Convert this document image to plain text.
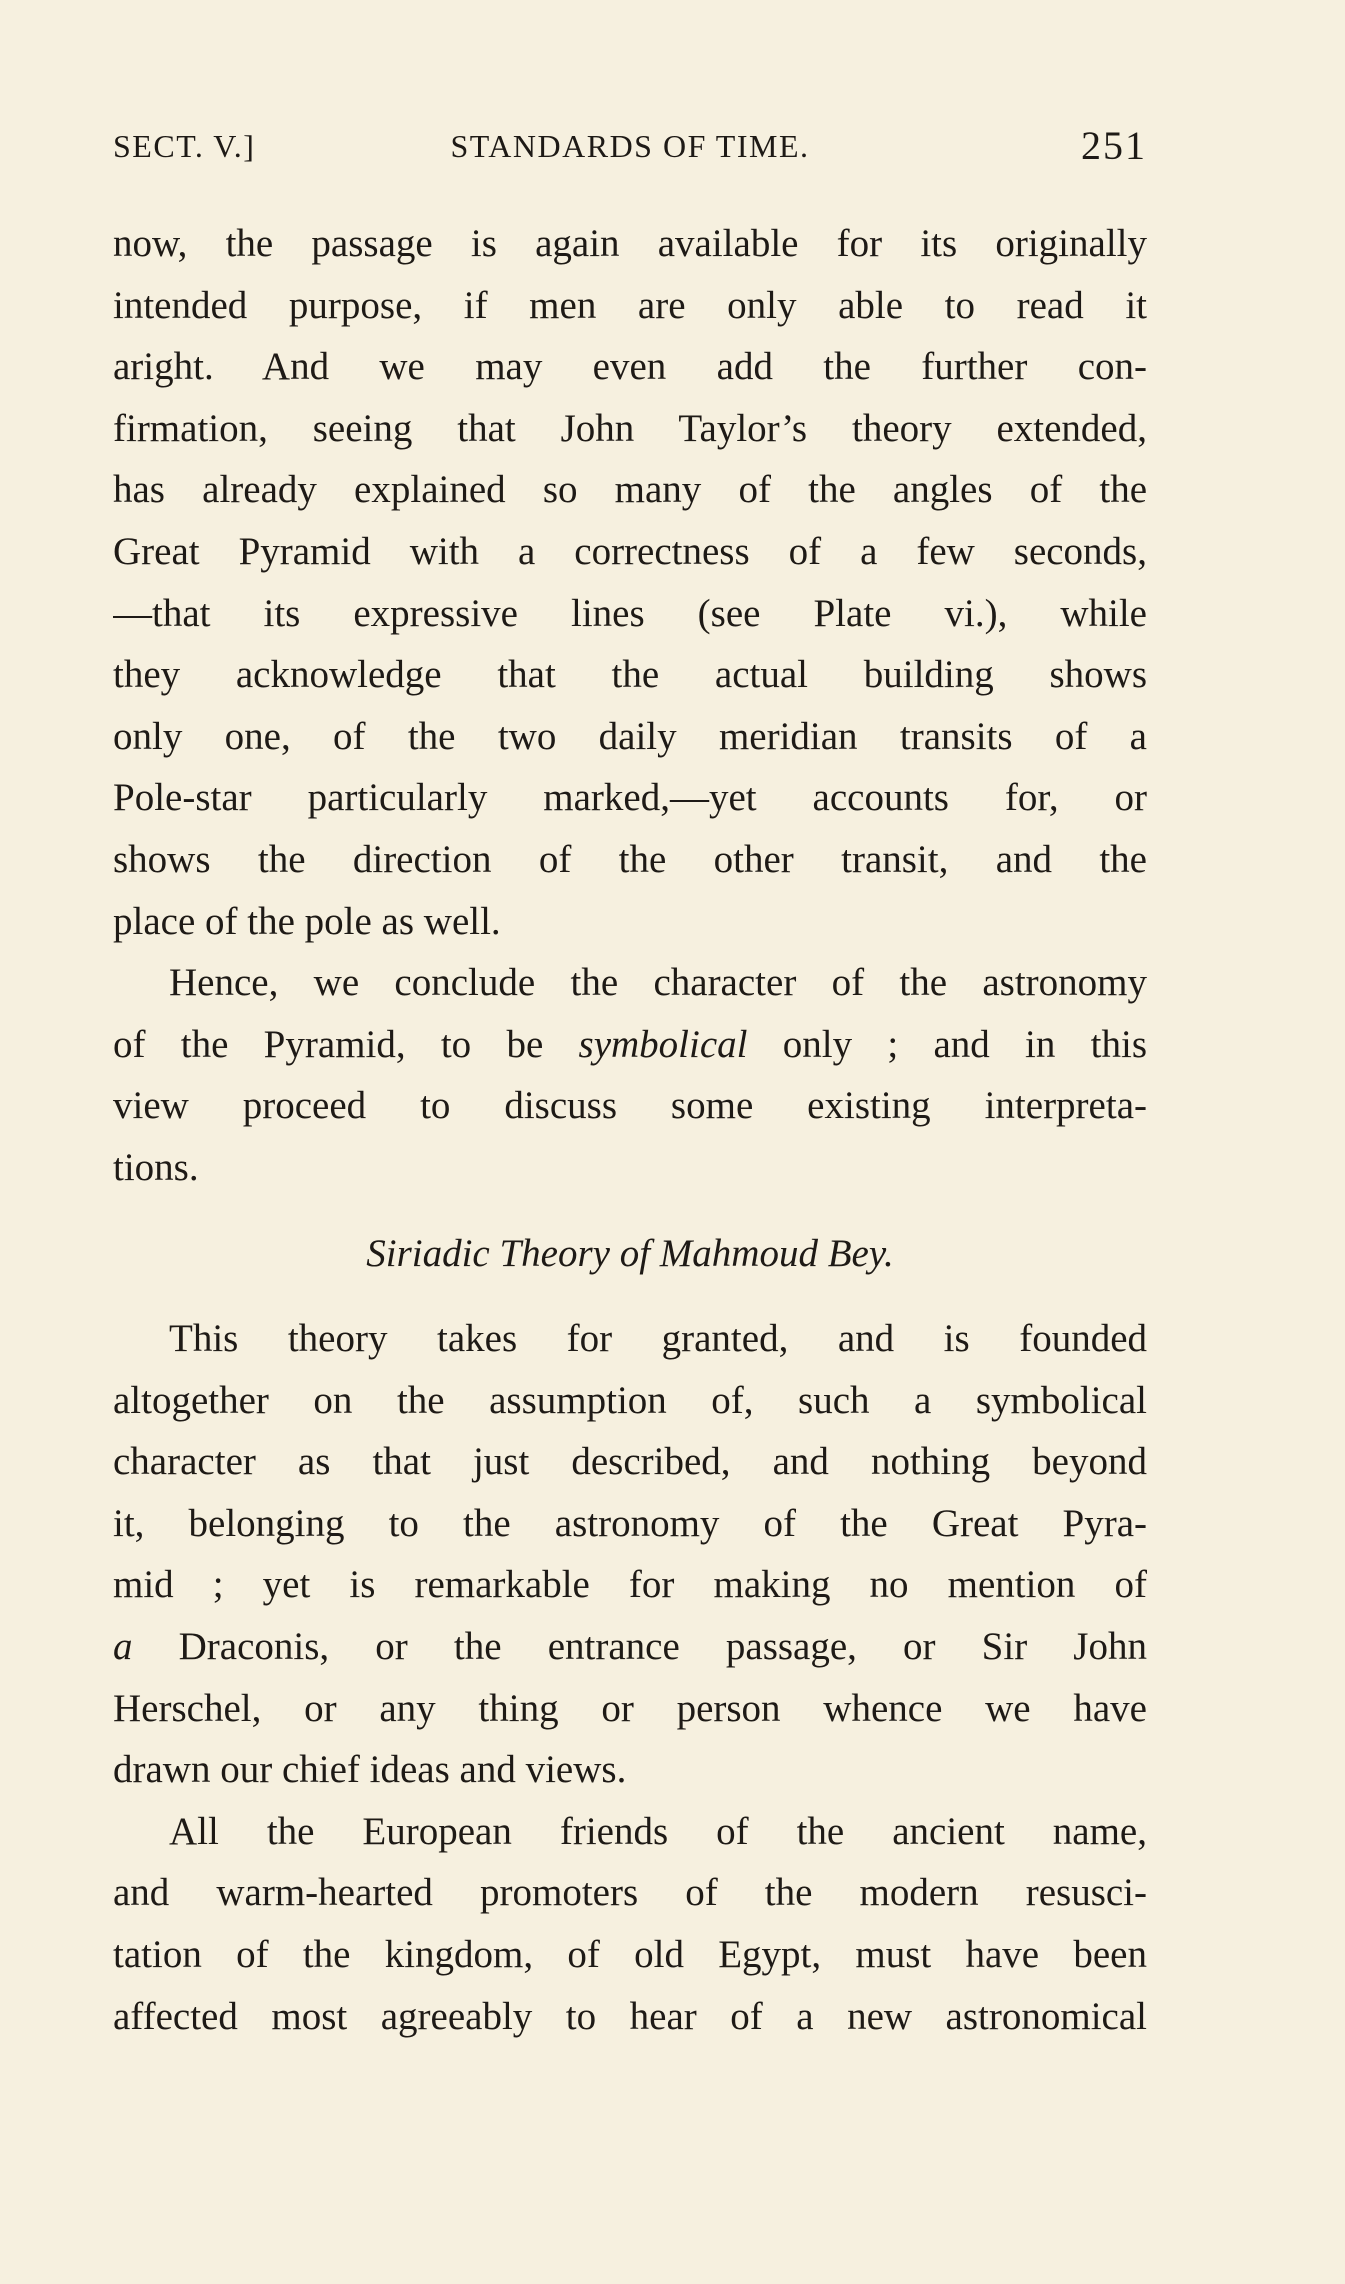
SECT. V.]	STANDARDS OF TIME.	251
now, the passage is again available for its originally
intended purpose, if men are only able to read it
aright. And we may even add the further con-
firmation, seeing that John Taylor’s theory extended,
has already explained so many of the angles of the
Great Pyramid with a correctness of a few seconds,
—that its expressive lines (see Plate vi.), while
they acknowledge that the actual building shows
only one, of the two daily meridian transits of a
Pole-star particularly marked,—yet accounts for, or
shows the direction of the other transit, and the
place of the pole as well.
Hence, we conclude the character of the astronomy
of the Pyramid, to be symbolical only ; and in this
view proceed to discuss some existing interpreta-
tions.
Siriadic Theory of Mahmoud Bey.
This theory takes for granted, and is founded
altogether on the assumption of, such a symbolical
character as that just described, and nothing beyond
it, belonging to the astronomy of the Great Pyra-
mid ; yet is remarkable for making no mention of
a Draconis, or the entrance passage, or Sir John
Herschel, or any thing or person whence we have
drawn our chief ideas and views.
All the European friends of the ancient name,
and warm-hearted promoters of the modern resusci-
tation of the kingdom, of old Egypt, must have been
affected most agreeably to hear of a new astronomical
